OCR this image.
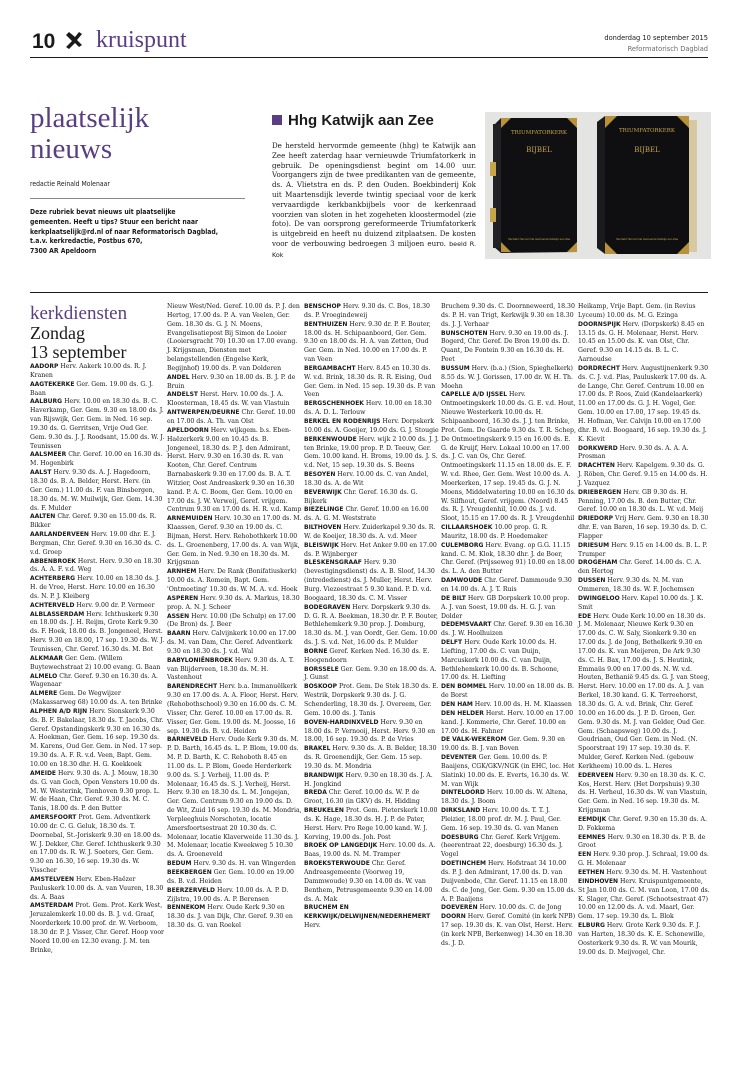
10 kruispunt	donderdag 10 september 2015
Reformatorisch Dagblad
plaatselijk
nieuws
redactie Reinald Molenaar
Deze rubriek bevat nieuws uit plaatselijke
gemeenten. Heeft u tips? Stuur een bericht naar
kerkplaatselijk@rd.nl of naar Reformatorisch Dagblad,
t.a.v. kerkredactie, Postbus 670,
7300 AR Apeldoorn
Hhg Katwijk aan Zee
De hersteld hervormde gemeente (hhg) te Katwijk aan Zee heeft zaterdag haar vernieuwde Triumfatorkerk in gebruik. De openingsdienst begint om 14.00 uur. Voorgangers zijn de twee predikanten van de gemeente, ds. A. Vlietstra en ds. P. den Ouden. Boekbinderij Kok uit Maartensdijk leverde twintig speciaal voor de kerk vervaardigde kerkbankbijbels voor de kerkenraad voorzien van sloten in het zogeheten kloostermodel (zie foto). De van oorsprong gereformeerde Triumfatorkerk is uitgebreid en heeft nu duizend zitplaatsen. De kosten voor de verbouwing bedroegen 3 miljoen euro. beeld R. Kok
TRIUMFATORKERK
BIJBEL
TRIUMFATORKERK
BIJBEL
Hersteld Hervormde Gemeente Katwijk aan Zee	Hersteld Hervormde Gemeente Katwijk aan Zee
kerkdiensten
Zondag
13 september

AADORP Herv. Aakerk 10.00 ds. R. J. Kranen

AAGTEKERKE Ger. Gem. 19.00 ds. G. J. Baan

AALBURG Herv. 10.00 en 18.30 ds. B. C. Haverkamp, Ger. Gem. 9.30 en 18.00 ds. J. van Rijswijk, Ger. Gem. in Ned. 16 sep. 19.30 ds. G. Gerritsen, Vrije Oud Ger. Gem. 9.30 ds. J. J. Roodsant, 15.00 ds. W. J. Teunissen

AALSMEER Chr. Geref. 10.00 en 16.30 ds. M. Hogenbirk

AALST Herv. 9.30 ds. A. J. Hagedoorn, 18.30 ds. B. A. Belder, Herst. Herv. (in Ger. Gem.) 11.00 ds. F. van Binsbergen, 18.30 ds. M. W. Muilwijk, Ger. Gem. 14.30 ds. F. Mulder

AALTEN Chr. Geref. 9.30 en 15.00 ds. R. Bikker

AARLANDERVEEN Herv. 19.00 dhr. E. J. Bergman, Chr. Geref. 9.30 en 16.30 ds. C. v.d. Groep

ABBENBROEK Herst. Herv. 9.30 en 18.30 ds. A. A. F. v.d. Weg

ACHTERBERG Herv. 10.00 en 18.30 ds. J. H. de Vree, Herst. Herv. 10.00 en 16.30 ds. N. P. J. Kleiberg

ACHTERVELD Herv. 9.00 dr. P. Vermeer

ALBLASSERDAM Herv. Ichthuskerk 9.30 en 18.00 ds. J. H. Reijm, Grote Kerk 9.30 ds. F. Hoek, 18.00 ds. B. Jongeneel, Herst. Herv. 9.30 en 18.00, 17 sep. 19.30 ds. W. J. Teunissen, Chr. Geref. 16.30 ds. M. Bot

ALKMAAR Ger. Gem. (Willem Buytewechstraat 2) 10.00 evang. G. Baan

ALMELO Chr. Geref. 9.30 en 16.30 ds. A. Wagenaar

ALMERE Gem. De Wegwijzer (Makassarweg 68) 10.00 ds. A. ten Brinke

ALPHEN A/D RIJN Herv. Sionskerk 9.30 ds. B. F. Bakelaar, 18.30 ds. T. Jacobs, Chr. Geref. Opstandingskerk 9.30 en 16.30 ds. A. Hoekman, Ger. Gem. 16 sep. 19.30 ds. M. Karens, Oud Ger. Gem. in Ned. 17 sep. 19.30 ds. A. F. R. v.d. Veen, Bapt. Gem. 10.00 en 18.30 dhr. H. G. Koekkoek

AMEIDE Herv. 9.30 ds. A. J. Mouw, 18.30 ds. G. van Goch, Open Vensters 10.00 ds. M. W. Westerink, Tienhoven 9.30 prop. L. W. de Haan, Chr. Geref. 9.30 ds. M. C. Tanis, 18.00 ds. P. den Butter

AMERSFOORT Prot. Gem. Adventkerk 10.00 dr. C. G. Geluk, 18.30 ds. T. Doornebal, St.-Joriskerk 9.30 en 18.00 ds. W. J. Dekker, Chr. Geref. Ichthuskerk 9.30 en 17.00 ds. R. W. J. Soeters, Ger. Gem. 9.30 en 16.30, 16 sep. 19.30 ds. W. Visscher

AMSTELVEEN Herv. Eben-Haëzer Pauluskerk 10.00 ds. A. van Vuuren, 18.30 ds. A. Baas

AMSTERDAM Prot. Gem. Prot. Kerk West, Jeruzalemkerk 10.00 ds. B. J. v.d. Graaf, Noorderkerk 10.00 prof. dr. W. Verboom, 18.30 dr. P. J. Visser, Chr. Geref. Hoop voor Noord 10.00 en 12.30 evang. J. M. ten Brinke,

Nieuw West/Ned. Geref. 10.00 ds. P. J. den Hertog, 17.00 ds. P. A. van Veelen, Ger. Gem. 18.30 ds. G. J. N. Moens, Evangelisatiepost Bij Simon de Looier (Looiersgracht 70) 10.30 en 17.00 evang. J. Krijgsman, Diensten met belangstellenden (Engelse Kerk, Begijnhof) 19.00 ds. P. van Dolderen

ANDEL Herv. 9.30 en 18.00 ds. B. J. P. de Bruin

ANDELST Herst. Herv. 10.00 ds. J. A. Kloosterman, 18.45 ds. W. van Vlastuin

ANTWERPEN/DEURNE Chr. Geref. 10.00 en 17.00 ds. A. Th. van Olst

APELDOORN Herv. wijkgem. b.s. Eben-Haëzerkerk 9.00 en 10.45 ds. B. Jongeneel, 18.30 ds. P. J. den Admirant, Herst. Herv. 9.30 en 16.30 ds. R. van Kooten, Chr. Geref. Centrum Barnabaskerk 9.30 en 17.00 ds. B. A. T. Witzier, Oost Andreaskerk 9.30 en 16.30 kand. P. A. C. Boom, Ger. Gem. 10.00 en 17.00 ds. J. W. Verweij, Geref. vrijgem. Centrum 9.30 en 17.00 ds. H. R. v.d. Kamp

ARNEMUIDEN Herv. 10.30 en 17.00 ds. M. Klaassen, Geref. 9.30 en 19.00 ds. C. Bijman, Herst. Herv. Rehobothkerk 10.00 ds. L. Groenenberg, 17.00 ds. A. van Wijk, Ger. Gem. in Ned. 9.30 en 18.30 ds. M. Krijgsman

ARNHEM Herv. De Rank (Bonifatiuskerk) 10.00 ds. A. Romein, Bapt. Gem. 'Ontmoeting' 10.30 ds. W. M. A. v.d. Hoek

ASPEREN Herv. 9.30 ds. A. Markus, 18.30 prop. A. N. J. Scheer

ASSEN Herv. 10.00 (De Schulp) en 17.00 (De Bron) ds. J. Beer

BAARN Herv. Calvijnkerk 10.00 en 17.00 ds. M. van Dam, Chr. Geref. Adventkerk 9.30 en 18.30 ds. J. v.d. Wal

BABYLONIËNBROEK Herv. 9.30 ds. A. T. van Blijderveen, 18.30 ds. M. H. Vastenhout

BARENDRECHT Herv. b.a. Immanuëlkerk 9.30 en 17.00 ds. A. A. Floor, Herst. Herv. (Rehobothschool) 9.30 en 16.00 ds. C. M. Visser, Chr. Geref. 10.00 en 17.00 ds. R. Visser, Ger. Gem. 19.00 ds. M. Joosse, 16 sep. 19.30 ds. B. v.d. Heiden

BARNEVELD Herv. Oude Kerk 9.30 ds. M. P. D. Barth, 16.45 ds. L. P. Blom, 19.00 ds. M. P. D. Barth, K. C. Rehoboth 8.45 en 11.00 ds. L. P. Blom, Goede Herderkerk 9.00 ds. S. J. Verheij, 11.00 ds. P. Molenaar, 16.45 ds. S. J. Verheij, Herst. Herv. 9.30 en 18.30 ds. L. M. Jongejan, Ger. Gem. Centrum 9.30 en 19.00 ds. D. de Wit, Zuid 16 sep. 19.30 ds. M. Mondria, Verpleeghuis Norschoten, locatie Amersfoortsestraat 20 10.30 ds. C. Molenaar, locatie Klaverweide 11.30 ds. J. M. Molenaar, locatie Kweekweg 5 10.30 ds. A. Groeneveld

BEDUM Herv. 9.30 ds. H. van Wingerden

BEEKBERGEN Ger. Gem. 10.00 en 19.00 ds. B. v.d. Heiden

BEERZERVELD Herv. 10.00 ds. A. P. D. Zijlstra, 19.00 ds. A. P. Berensen

BENNEKOM Herv. Oude Kerk 9.30 en 18.30 ds. J. van Dijk, Chr. Geref. 9.30 en 18.30 ds. G. van Roekel

BENSCHOP Herv. 9.30 ds. C. Bos, 18.30 ds. P. Vroegindeweij

BENTHUIZEN Herv. 9.30 dr. P. F. Bouter, 18.00 ds. H. Schipaanboord, Ger. Gem. 9.30 en 18.00 ds. H. A. van Zetten, Oud Ger. Gem. in Ned. 10.00 en 17.00 ds. P. van Veen

BERGAMBACHT Herv. 8.45 en 10.30 ds. W. v.d. Brink, 18.30 ds. R. R. Eising, Oud Ger. Gem. in Ned. 15 sep. 19.30 ds. P. van Veen

BERGSCHENHOEK Herv. 10.00 en 18.30 ds. A. D. L. Terlouw

BERKEL EN RODENRIJS Herv. Dorpskerk 10.00 ds. A. Gooijer, 19.00 ds. G. J. Stougie

BERKENWOUDE Herv. wijk 2 10.00 ds. J. J. ten Brinke, 19.00 prop. P. D. Teeuw, Ger. Gem. 10.00 kand. H. Broms, 19.00 ds. J. S. v.d. Net, 15 sep. 19.30 ds. S. Beens

BESOYEN Herv. 10.00 ds. C. van Andel, 18.30 ds. A. de Wit

BEVERWIJK Chr. Geref. 16.30 ds. G. Bijkerk

BIEZELINGE Chr. Geref. 10.00 en 16.00 ds. A. G. M. Weststrate

BILTHOVEN Herv. Zuiderkapel 9.30 ds. R. W. de Koeijer, 18.30 ds. A. v.d. Meer

BLEISWIJK Herv. Het Anker 9.00 en 17.00 ds. P. Wijnberger

BLESKENSGRAAF Herv. 9.30 (bevestigingsdienst) ds. A. B. Sloof, 14.30 (intrededienst) ds. J. Muller, Herst. Herv. Burg. Viezeestraat 5 9.30 kand. P. D. v.d. Boogaard, 18.30 ds. C. M. Visser

BODEGRAVEN Herv. Dorpskerk 9.30 ds. D. G. R. A. Beekman, 18.30 dr. P. F. Bouter, Bethlehemkerk 9.30 prop. J. Domburg, 18.30 ds. M. J. van Oordt, Ger. Gem. 10.00 ds. J. S. v.d. Net, 16.00 ds. P. Mulder

BORNE Geref. Kerken Ned. 16.30 ds. E. Hoogendoorn

BORSSELE Ger. Gem. 9.30 en 18.00 ds. A. J. Gunst

BOSKOOP Prot. Gem. De Stek 18.30 ds. E. Westrik, Dorpskerk 9.30 ds. J. G. Schenderling, 18.30 ds. J. Overeem, Ger. Gem. 10.00 ds. J. Tanis

BOVEN-HARDINXVELD Herv. 9.30 en 18.00 ds. P. Vernooij, Herst. Herv. 9.30 en 18.00, 16 sep. 19.30 ds. P. de Vries

BRAKEL Herv. 9.30 ds. A. B. Belder, 18.30 ds. R. Groenendijk, Ger. Gem. 15 sep. 19.30 ds. M. Mondria

BRANDWIJK Herv. 9.30 en 18.30 ds. J. A. H. Jongkind

BREDA Chr. Geref. 10.00 ds. W. P. de Groot, 16.30 (in GKV) ds. H. Hidding

BREUKELEN Prot. Gem. Pieterskerk 10.00 ds. K. Hage, 18.30 ds. H. J. P. de Pater, Herst. Herv. Pro Rege 10.00 kand. W. J. Korving, 19.00 ds. Joh. Post

BROEK OP LANGEDIJK Herv. 10.00 ds. A. Baas, 19.00 ds. N. M. Tramper

BROEKSTERWOUDE Chr. Geref. Andreasgemeente (Voorweg 19, Dammwoude) 9.30 en 14.00 ds. W. van Benthem, Petrusgemeente 9.30 en 14.00 ds. A. Mak

BRUCHEM EN KERKWIJK/DELWIJNEN/NEDERHEMERT Herv.

Bruchem 9.30 ds. C. Doornneweerd, 18.30 ds. P. H. van Trigt, Kerkwijk 9.30 en 18.30 ds. J. J. Verhaar

BUNSCHOTEN Herv. 9.30 en 19.00 ds. J. Bogerd, Chr. Geref. De Bron 19.00 ds. D. Quant, De Fontein 9.30 en 16.30 ds. H. Peet

BUSSUM Herv. (b.a.) (Sion, Spieghelkerk) 8.55 ds. W. J. Gorissen, 17.00 dr. W. H. Th. Moehn

CAPELLE A/D IJSSEL Herv. Ontmoetingskerk 10.00 ds. G. E. v.d. Hout, Nieuwe Westerkerk 10.00 ds. H. Schipaanboord, 16.30 ds. J. J. ten Brinke, Prot. Gem. De Gaarde 9.30 ds. T. R. Schep, De Ontmoetingskerk 9.15 en 16.00 ds. E. G. de Kruijf, Herv. Lokaal 10.00 en 17.00 ds. J. C. van Os, Chr. Geref. Ontmoetingskerk 11.15 en 18.00 ds. E. F. W. v.d. Rhee, Ger. Gem. West 10.00 ds. A. Moerkerken, 17 sep. 19.45 ds. G. J. N. Moens, Middelwatering 10.00 en 16.30 ds. W. Silfhout, Geref. vrijgem. (Noord) 8.45 ds. R. J. Vreugdenhil, 10.00 ds. J. v.d. Sloot, 15.15 en 17.00 ds. R. J. Vreugdenhil

CILLAARSHOEK 10.00 prop. G. R. Mauritz, 18.00 ds. P. Hoedemaker

CULEMBORG Herv. Evang. op G.G. 11.15 kand. C. M. Klok, 18.30 dhr. J. de Boer, Chr. Geref. (Prijsseweg 91) 10.00 en 18.00 ds. L. A. den Butter

DAMWOUDE Chr. Geref. Dammoude 9.30 en 14.00 ds. A. J. T. Ruis

DE BILT Herv. GB Dorpskerk 10.00 prop. A. J. van Soest, 19.00 ds. H. G. J. van Dolder

DEDEMSVAART Chr. Geref. 9.30 en 16.30 ds. J. W. Hoolhuizen

DELFT Herv. Oude Kerk 10.00 ds. H. Liefting, 17.00 ds. C. van Duijn, Marcuskerk 10.00 ds. C. van Duijn, Bethlehemkerk 10.00 ds. B. Schoone, 17.00 ds. H. Liefting

DEN BOMMEL Herv. 10.00 en 18.00 ds. B. de Borst

DEN HAM Herv. 10.00 ds. H. M. Klaassen

DEN HELDER Herst. Herv. 10.00 en 17.00 kand. J. Kommerie, Chr. Geref. 10.00 en 17.00 ds. H. Fahner

DE VALK-WEKEROM Ger. Gem. 9.30 en 19.00 ds. B. J. van Boven

DEVENTER Ger. Gem. 10.00 ds. P. Baaijens, CGK/GKV/NGK (in EHC, loc. Het Slatink) 10.00 ds. E. Everts, 16.30 ds. W. M. van Wijk

DINTELOORD Herv. 10.00 ds. W. Altena, 18.30 ds. J. Boom

DIRKSLAND Herv. 10.00 ds. T. T. J. Pleizier, 18.00 prof. dr. M. J. Paul, Ger. Gem. 16 sep. 19.30 ds. G. van Manen

DOESBURG Chr. Geref. Kerk Vrijgem. (heerentraat 22, doesburg) 16.30 ds. J. Vogel

DOETINCHEM Herv. Hofstraat 34 10.00 ds. P. J. den Admirant, 17.00 ds. D. van Duijvenbode, Chr. Geref. 11.15 en 18.00 ds. C. de Jong, Ger. Gem. 9.30 en 15.00 ds. A. P. Baaijens

DOEVEREN Herv. 10.00 ds. C. de Jong

DOORN Herv. Geref. Comité (in kerk NPB) 17 sep. 19.30 ds. K. van Olst, Herst. Herv. (in kerk NPB, Berkenweg) 14.30 en 18.30 ds. J. D.

Heikamp, Vrije Bapt. Gem. (in Revius Lyceum) 10.00 ds. M. G. Ezinga

DOORNSPIJK Herv. (Dorpskerk) 8.45 en 13.15 ds. G. H. Molenaar, Herst. Herv. 10.45 en 15.00 ds. K. van Olst, Chr. Geref. 9.30 en 14.15 ds. B. L. C. Aarnoudse

DORDRECHT Herv. Augustijnenkerk 9.30 ds. C. J. v.d. Plas, Pauluskerk 17.00 ds. A. de Lange, Chr. Geref. Centrum 10.00 en 17.00 ds. P. Roos, Zuid (Kandelaarkerk) 11.00 en 17.00 ds. G. J. H. Vogel, Ger. Gem. 10.00 en 17.00, 17 sep. 19.45 ds. H. Hofman, Ver. Calvijn 10.00 en 17.00 dhr. B. v.d. Boogaard, 16 sep. 19.30 ds. J. K. Kievit

DORKWERD Herv. 9.30 ds. A. A. A. Prosman

DRACHTEN Herv. Kapelgem. 9.30 ds. G. J. Röben, Chr. Geref. 9.15 en 14.00 ds. H. J. Vazquez

DRIEBERGEN Herv. GB 9.30 ds. H. Penning, 17.00 ds. B. den Butter, Chr. Geref. 10.00 en 18.30 ds. L. W. v.d. Meij

DRIEDORP Vrij Herv. Gem. 9.30 en 18.30 dhr. E. van Baren, 16 sep. 19.30 ds. D. C. Flapper

DRIESUM Herv. 9.15 en 14.00 ds. B. L. P. Trumper

DROGEHAM Chr. Geref. 14.00 ds. C. A. den Hertog

DUSSEN Herv. 9.30 ds. N. M. van Ommeren, 18.30 ds. W. F. Jochemsen

DWINGELOO Herv. Kapel 10.00 ds. J. K. Smit

EDE Herv. Oude Kerk 10.00 en 18.30 ds. J. M. Molenaar, Nieuwe Kerk 9.30 en 17.00 ds. C. W. Saly, Sionkerk 9.30 en 17.00 ds. J. de Jong, Bethelkerk 9.30 en 17.00 ds. K. van Meijeren, De Ark 9.30 ds. C. H. Bax, 17.00 ds. J. S. Heutink, Emmaüs 9.00 en 17.00 ds. N. W. v.d. Houten, Bethanië 9.45 ds. G. J. van Steeg, Herst. Herv. 10.00 en 17.00 ds. A. J. van Berkel, 18.30 kand. G. K. Terreehorst, 18.30 ds. G. A. v.d. Brink, Chr. Geref. 10.00 en 16.00 ds. J. P. D. Groen, Ger. Gem. 9.30 ds. M. J. van Gelder, Oud Ger. Gem. (Schaapsweg) 10.00 ds. J. Goudriaan, Oud Ger. Gem. in Ned. (N. Spoorstraat 19) 17 sep. 19.30 ds. F. Mulder, Geref. Kerken Ned. (gebouw Kerkheem) 10.00 ds. L. Heres

EDERVEEN Herv. 9.30 en 18.30 ds. K. C. Kos, Herst. Herv. (Het Dorpshuis) 9.30 ds. H. Verheul, 16.30 ds. W. van Vlastuin, Ger. Gem. in Ned. 16 sep. 19.30 ds. M. Krijgsman

EEMDIJK Chr. Geref. 9.30 en 15.30 ds. A. D. Fokkema

EEMNES Herv. 9.30 en 18.30 ds. P. B. de Groot

EEN Herv. 9.30 prop. J. Schraal, 19.00 ds. G. H. Molenaar

EETHEN Herv. 9.30 ds. M. H. Vastenhout

EINDHOVEN Herv. Kruispuntgemeente, St Jan 10.00 ds. C. M. van Loon, 17.00 ds. K. Slager, Chr. Geref. (Schootsestraat 47) 10.00 en 12.00 ds. A. v.d. Maarl, Ger. Gem. 17 sep. 19.30 ds. L. Blok

ELBURG Herv. Grote Kerk 9.30 ds. F. J. van Harten, 18.30 ds. K. E. Schonewille, Oosterkerk 9.30 ds. R. W. van Mourik, 19.00 ds. D. Meijvogel, Chr.
